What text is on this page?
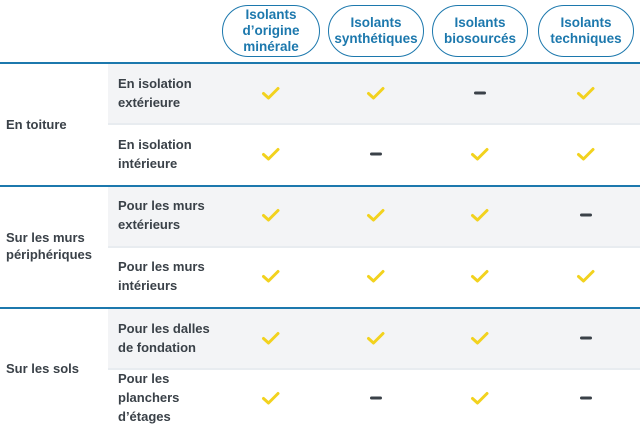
Isolants
d’origine
minérale
Isolants
synthétiques
Isolants
biosourcés
Isolants
techniques
En toiture
Sur les murs périphériques
Sur les sols
En isolation
extérieure
En isolation
intérieure
Pour les murs
extérieurs
Pour les murs
intérieurs
Pour les dalles
de fondation
Pour les
planchers
d’étages
